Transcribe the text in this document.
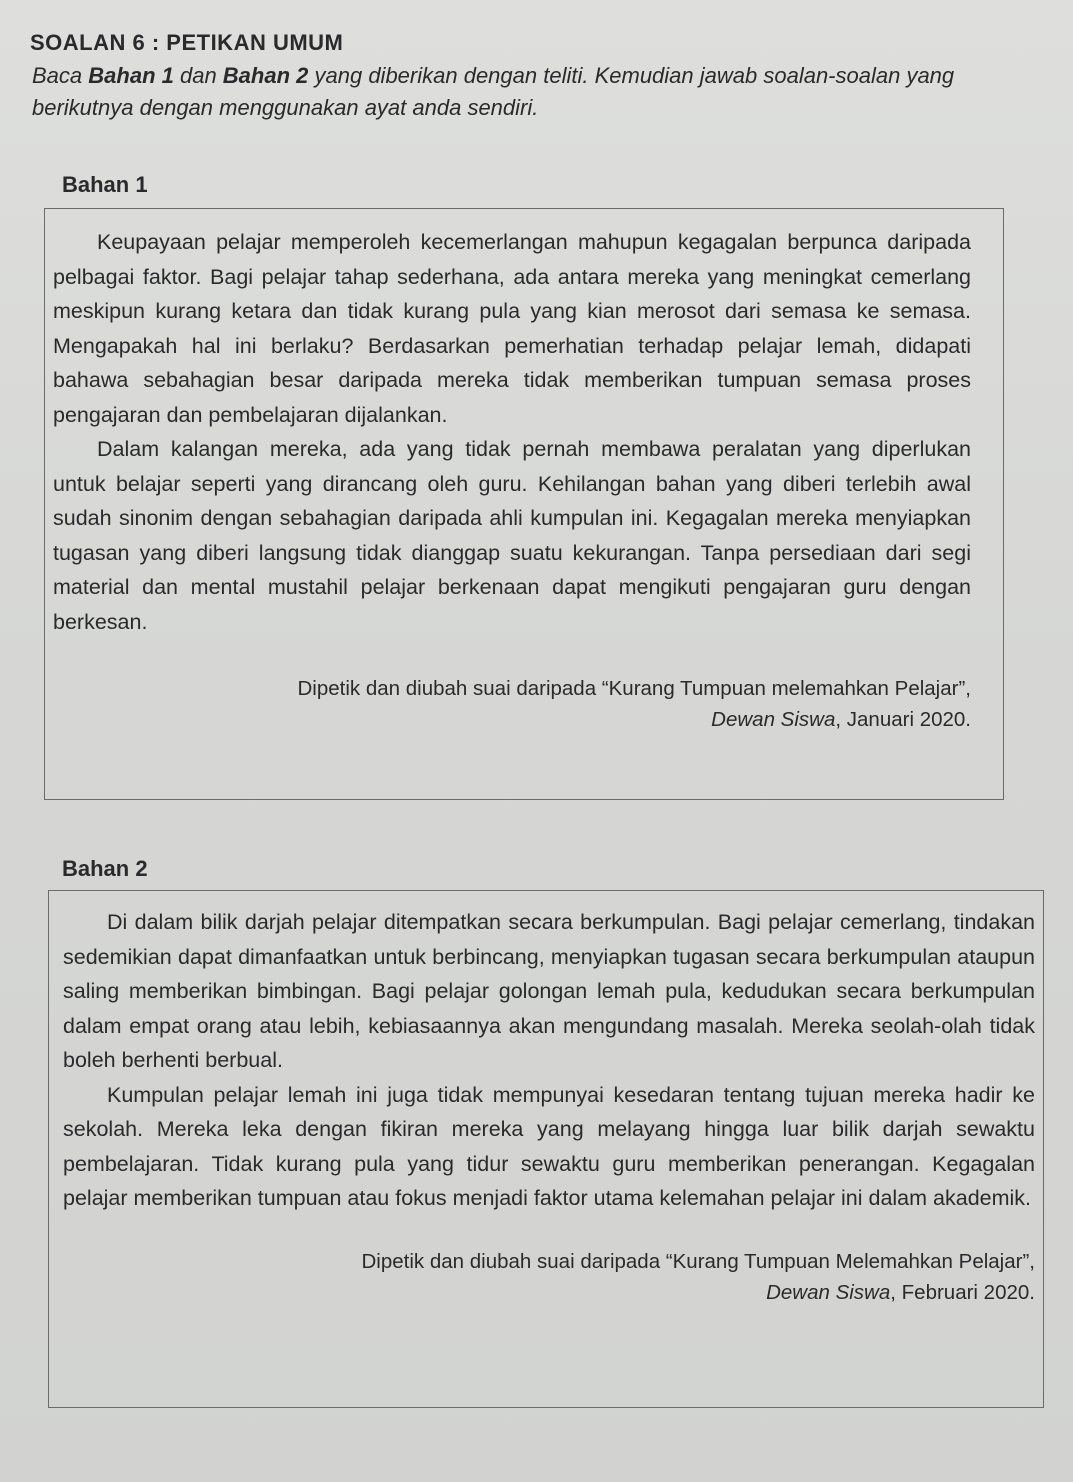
SOALAN 6 : PETIKAN UMUM
Baca Bahan 1 dan Bahan 2 yang diberikan dengan teliti. Kemudian jawab soalan-soalan yang berikutnya dengan menggunakan ayat anda sendiri.
Bahan 1

Keupayaan pelajar memperoleh kecemerlangan mahupun kegagalan berpunca daripada pelbagai faktor. Bagi pelajar tahap sederhana, ada antara mereka yang meningkat cemerlang meskipun kurang ketara dan tidak kurang pula yang kian merosot dari semasa ke semasa. Mengapakah hal ini berlaku? Berdasarkan pemerhatian terhadap pelajar lemah, didapati bahawa sebahagian besar daripada mereka tidak memberikan tumpuan semasa proses pengajaran dan pembelajaran dijalankan.

Dalam kalangan mereka, ada yang tidak pernah membawa peralatan yang diperlukan untuk belajar seperti yang dirancang oleh guru. Kehilangan bahan yang diberi terlebih awal sudah sinonim dengan sebahagian daripada ahli kumpulan ini. Kegagalan mereka menyiapkan tugasan yang diberi langsung tidak dianggap suatu kekurangan. Tanpa persediaan dari segi material dan mental mustahil pelajar berkenaan dapat mengikuti pengajaran guru dengan berkesan.

Dipetik dan diubah suai daripada “Kurang Tumpuan melemahkan Pelajar”,
Dewan Siswa, Januari 2020.
Bahan 2

Di dalam bilik darjah pelajar ditempatkan secara berkumpulan. Bagi pelajar cemerlang, tindakan sedemikian dapat dimanfaatkan untuk berbincang, menyiapkan tugasan secara berkumpulan ataupun saling memberikan bimbingan. Bagi pelajar golongan lemah pula, kedudukan secara berkumpulan dalam empat orang atau lebih, kebiasaannya akan mengundang masalah. Mereka seolah-olah tidak boleh berhenti berbual.

Kumpulan pelajar lemah ini juga tidak mempunyai kesedaran tentang tujuan mereka hadir ke sekolah. Mereka leka dengan fikiran mereka yang melayang hingga luar bilik darjah sewaktu pembelajaran. Tidak kurang pula yang tidur sewaktu guru memberikan penerangan. Kegagalan pelajar memberikan tumpuan atau fokus menjadi faktor utama kelemahan pelajar ini dalam akademik.

Dipetik dan diubah suai daripada “Kurang Tumpuan Melemahkan Pelajar”,
Dewan Siswa, Februari 2020.
